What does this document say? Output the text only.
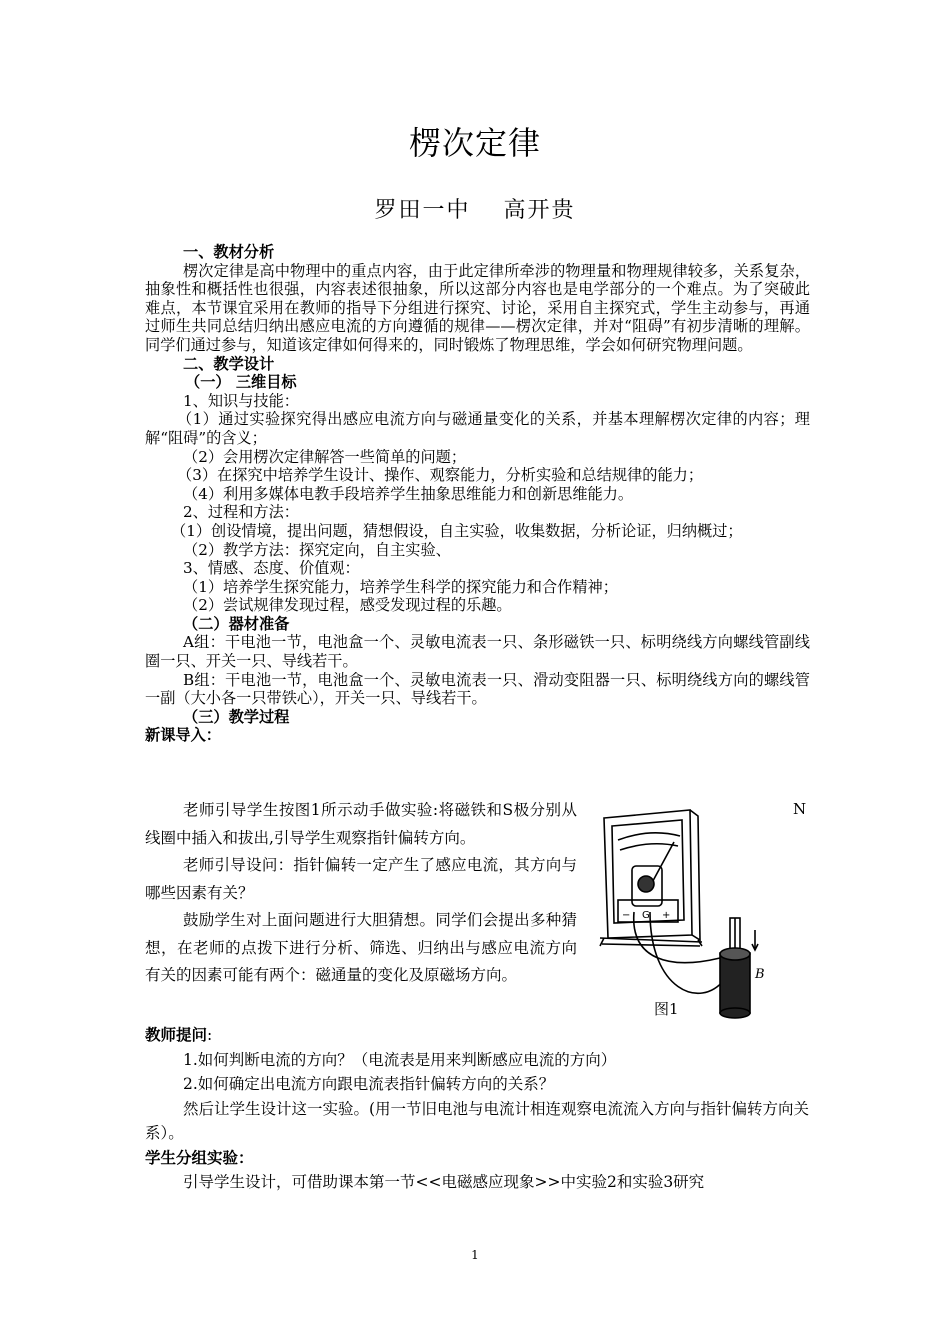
楞次定律
罗田一中　 高开贵

一、教材分析

楞次定律是高中物理中的重点内容，由于此定律所牵涉的物理量和物理规律较多，关系复杂，抽象性和概括性也很强，内容表述很抽象，所以这部分内容也是电学部分的一个难点。为了突破此难点，本节课宜采用在教师的指导下分组进行探究、讨论，采用自主探究式，学生主动参与，再通过师生共同总结归纳出感应电流的方向遵循的规律——楞次定律，并对“阻碍”有初步清晰的理解。同学们通过参与，知道该定律如何得来的，同时锻炼了物理思维，学会如何研究物理问题。

二、教学设计

（一） 三维目标

1、知识与技能：

（1）通过实验探究得出感应电流方向与磁通量变化的关系，并基本理解楞次定律的内容；理解“阻碍”的含义；

（2）会用楞次定律解答一些简单的问题；

（3）在探究中培养学生设计、操作、观察能力，分析实验和总结规律的能力；

（4）利用多媒体电教手段培养学生抽象思维能力和创新思维能力。

2、过程和方法：

（1）创设情境，提出问题，猜想假设，自主实验，收集数据，分析论证，归纳概过；

（2）教学方法：探究定向，自主实验、

3、情感、态度、价值观：

（1）培养学生探究能力，培养学生科学的探究能力和合作精神；

（2）尝试规律发现过程，感受发现过程的乐趣。

（二）器材准备

A组：干电池一节，电池盒一个、灵敏电流表一只、条形磁铁一只、标明绕线方向螺线管副线圈一只、开关一只、导线若干。

B组：干电池一节，电池盒一个、灵敏电流表一只、滑动变阻器一只、标明绕线方向的螺线管一副（大小各一只带铁心），开关一只、导线若干。

（三）教学过程

新课导入：

老师引导学生按图1所示动手做实验:将磁铁和S极分别从线圈中插入和拔出,引导学生观察指针偏转方向。

老师引导设问：指针偏转一定产生了感应电流，其方向与哪些因素有关？

鼓励学生对上面问题进行大胆猜想。同学们会提出多种猜想，在老师的点拨下进行分析、筛选、归纳出与感应电流方向有关的因素可能有两个：磁通量的变化及原磁场方向。

N
− G +
B
图1

教师提问:

1.如何判断电流的方向？（电流表是用来判断感应电流的方向）

2.如何确定出电流方向跟电流表指针偏转方向的关系？

然后让学生设计这一实验。(用一节旧电池与电流计相连观察电流流入方向与指针偏转方向关系）。

学生分组实验：

引导学生设计，可借助课本第一节<<电磁感应现象>>中实验2和实验3研究

1
